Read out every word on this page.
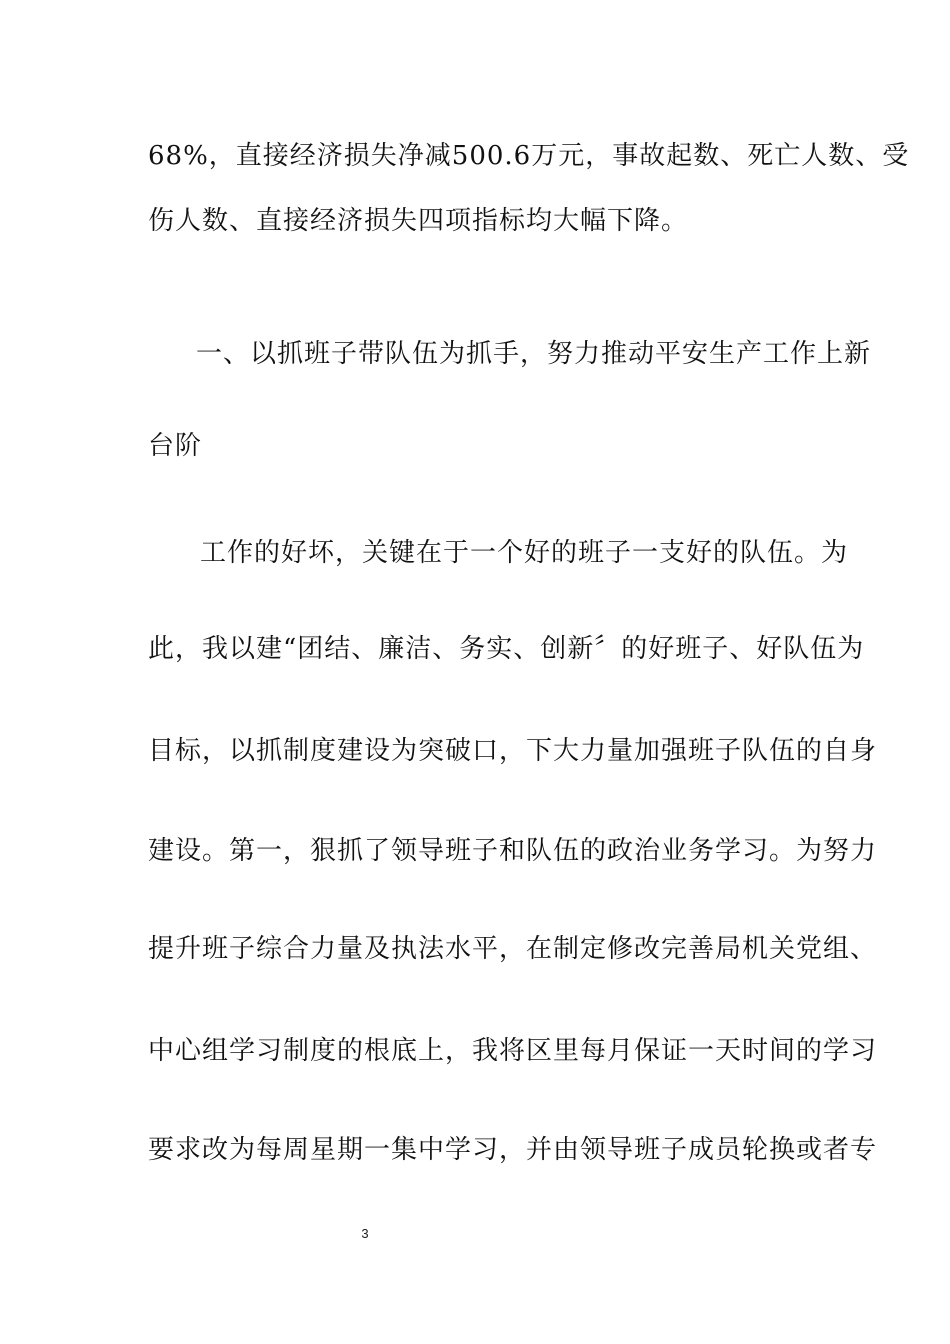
68%，直接经济损失净减500.6万元，事故起数、死亡人数、受
伤人数、直接经济损失四项指标均大幅下降。
一、以抓班子带队伍为抓手，努力推动平安生产工作上新
台阶
工作的好坏，关键在于一个好的班子一支好的队伍。为
此，我以建“团结、廉洁、务实、创新〞的好班子、好队伍为
目标，以抓制度建设为突破口，下大力量加强班子队伍的自身
建设。第一，狠抓了领导班子和队伍的政治业务学习。为努力
提升班子综合力量及执法水平，在制定修改完善局机关党组、
中心组学习制度的根底上，我将区里每月保证一天时间的学习
要求改为每周星期一集中学习，并由领导班子成员轮换或者专
3
